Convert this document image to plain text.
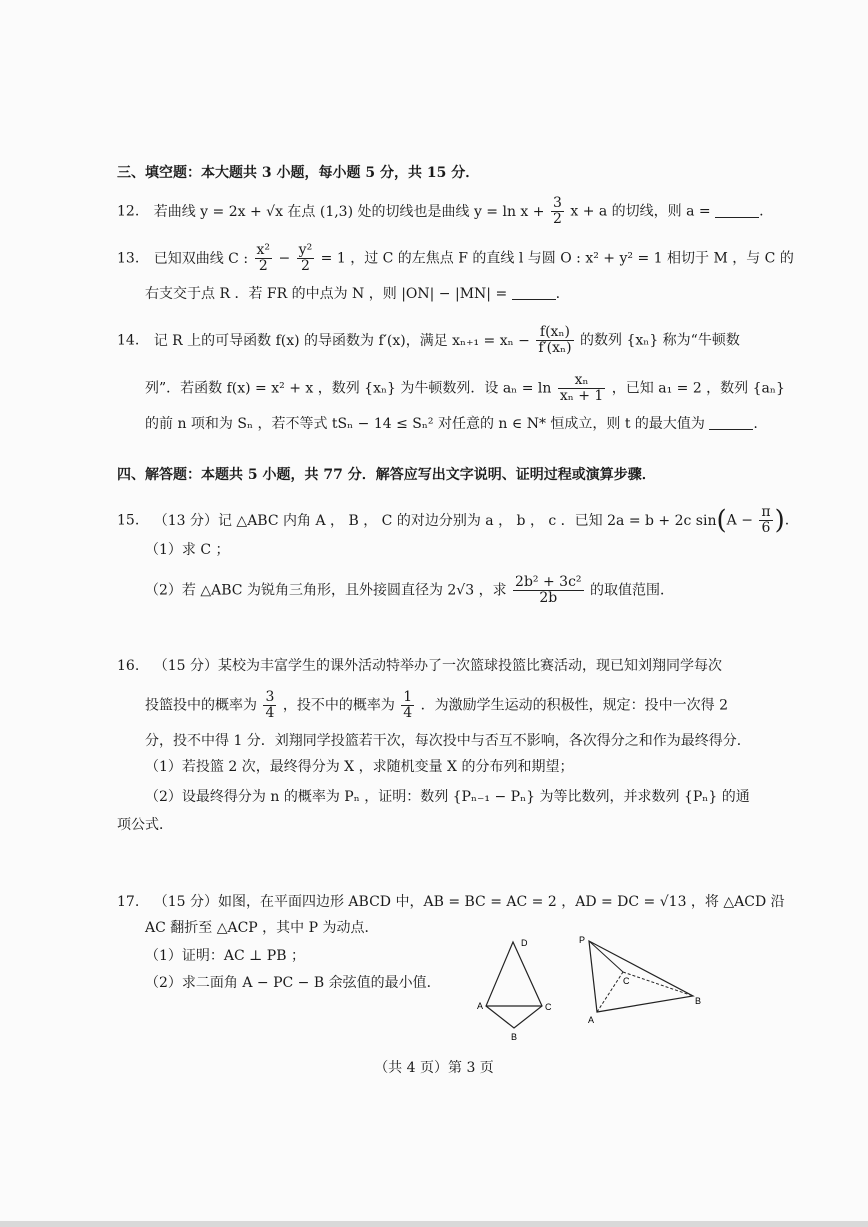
三、填空题：本大题共 3 小题，每小题 5 分，共 15 分．
12. 若曲线 y = 2x + √x 在点 (1,3) 处的切线也是曲线 $y = \ln x + \frac{3}{2}$ x + a 的切线，则 a =	.
13. 已知双曲线 C : $\frac{\text{x²}}{2} - \frac{\text{y²}}{2} = 1$ ，过 C 的左焦点 F 的直线 l 与圆 O : x² + y² = 1 相切于 M ，与 C 的
右支交于点 R ．若 FR 的中点为 N ，则 |ON| − |MN| =	.
14. 记 R 上的可导函数 f(x) 的导函数为 f′(x)，满足 $x_{n+1} = x_n - \frac{\text{f(xₙ)}}{\text{f′(xₙ)}}$ 的数列 {xₙ} 称为“牛顿数
列”．若函数 f(x) = x² + x ，数列 {xₙ} 为牛顿数列．设 $a_n = \ln \frac{\text{xₙ}}{\text{xₙ + 1}}$ ，已知 a₁ = 2 ，数列 {aₙ}
的前 n 项和为 Sₙ ，若不等式 tSₙ − 14 ≤ Sₙ² 对任意的 n ∈ N* 恒成立，则 t 的最大值为	.
四、解答题：本题共 5 小题，共 77 分．解答应写出文字说明、证明过程或演算步骤．
15. （13 分）记 △ABC 内角 A ， B ， C 的对边分别为 a ， b ， c ．已知 2a = b + 2c $\sin(A - \frac{\pi}{6}$ ).
（1）求 C ；
（2）若 △ABC 为锐角三角形，且外接圆直径为 2√3 ，求 $\frac{\text{2b² + 3c²}}{2b}$ 的取值范围．
16. （15 分）某校为丰富学生的课外活动特举办了一次篮球投篮比赛活动，现已知刘翔同学每次
投篮投中的概率为 $\frac{3}{4}$ ，投不中的概率为 $\frac{1}{4}$ ．为激励学生运动的积极性，规定：投中一次得 2
分，投不中得 1 分．刘翔同学投篮若干次，每次投中与否互不影响，各次得分之和作为最终得分．
（1）若投篮 2 次，最终得分为 X ，求随机变量 X 的分布列和期望；
（2）设最终得分为 n 的概率为 Pₙ ，证明：数列 {Pₙ₋₁ − Pₙ} 为等比数列，并求数列 {Pₙ} 的通
项公式．
17. （15 分）如图，在平面四边形 ABCD 中，AB = BC = AC = 2 ，AD = DC = √13 ，将 △ACD 沿
AC 翻折至 △ACP ，其中 P 为动点．
（1）证明：AC ⊥ PB ；
（2）求二面角 A − PC − B 余弦值的最小值．
D
A	C
B
P
C
A
B
（共 4 页）第 3 页
